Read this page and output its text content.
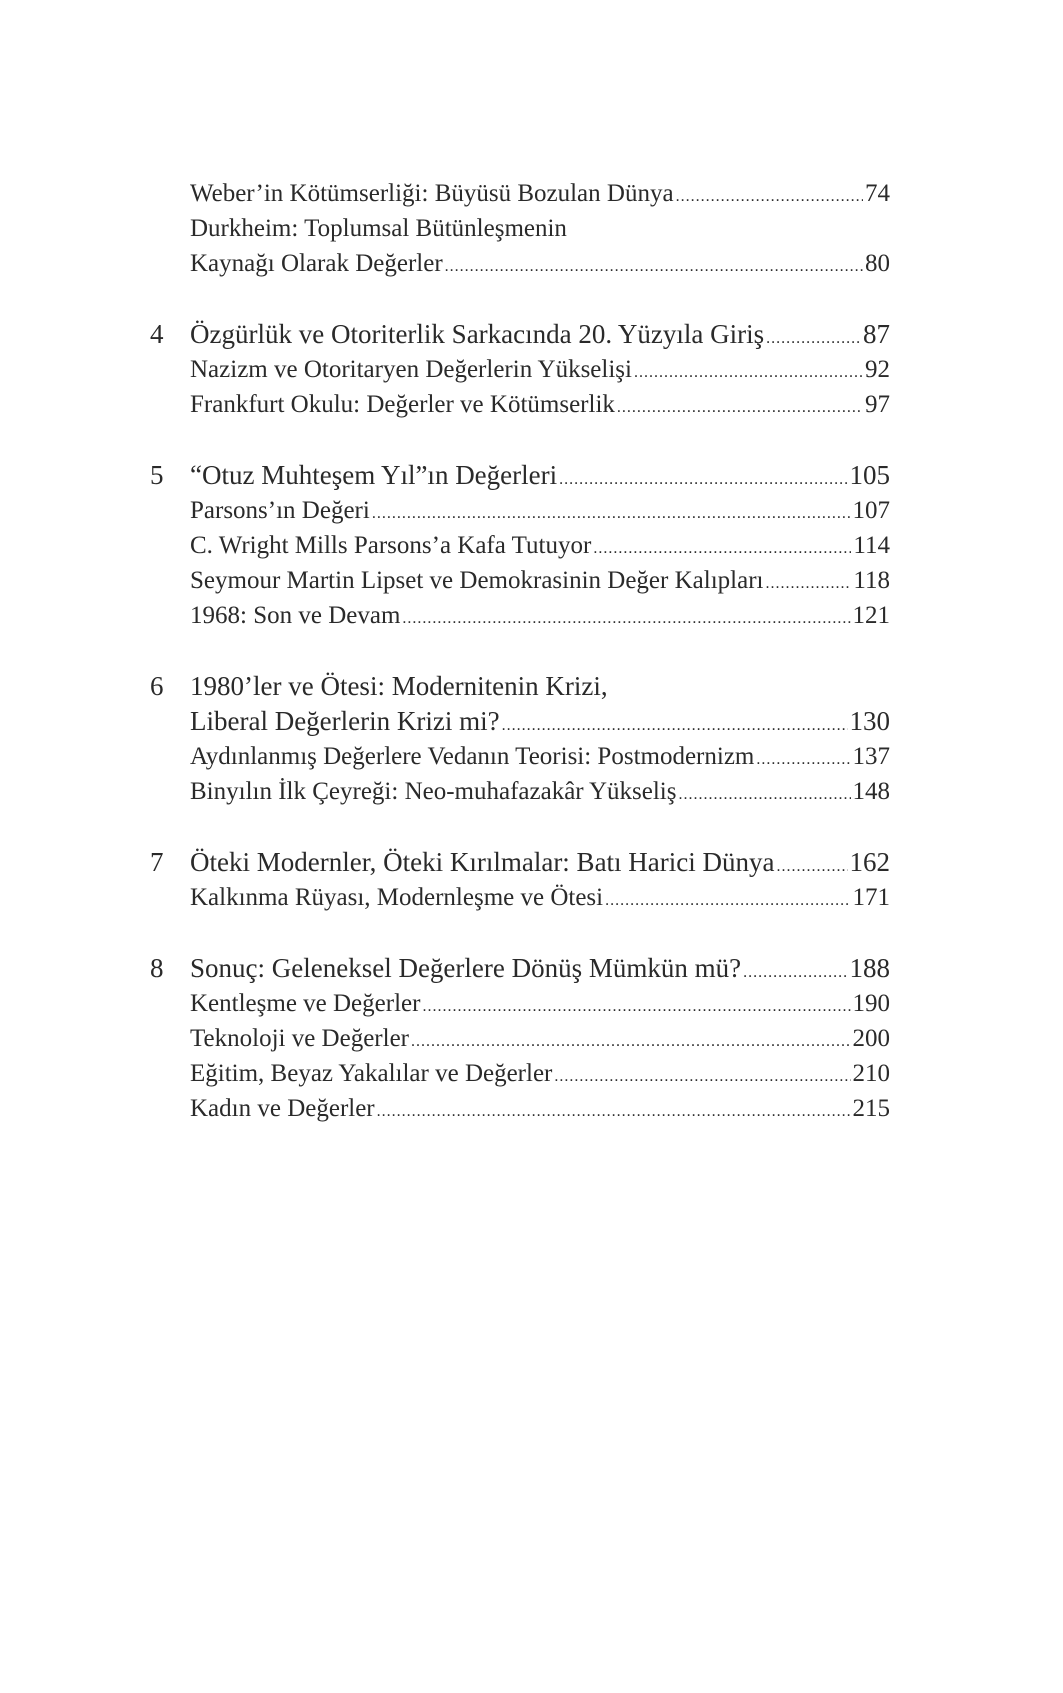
Weber’in Kötümserliği: Büyüsü Bozulan Dünya .....	74
Durkheim: Toplumsal Bütünleşmenin
Kaynağı Olarak Değerler .....	80
4 Özgürlük ve Otoriterlik Sarkacında 20. Yüzyıla Giriş .....	87
Nazizm ve Otoritaryen Değerlerin Yükselişi .....	92
Frankfurt Okulu: Değerler ve Kötümserlik .....	97
5 “Otuz Muhteşem Yıl”ın Değerleri .....	105
Parsons’ın Değeri .....	107
C. Wright Mills Parsons’a Kafa Tutuyor .....	114
Seymour Martin Lipset ve Demokrasinin Değer Kalıpları .....	118
1968: Son ve Devam .....	121
6 1980’ler ve Ötesi: Modernitenin Krizi,
Liberal Değerlerin Krizi mi? .....	130
Aydınlanmış Değerlere Vedanın Teorisi: Postmodernizm .....	137
Binyılın İlk Çeyreği: Neo-muhafazakâr Yükseliş .....	148
7 Öteki Modernler, Öteki Kırılmalar: Batı Harici Dünya .....	162
Kalkınma Rüyası, Modernleşme ve Ötesi .....	171
8 Sonuç: Geleneksel Değerlere Dönüş Mümkün mü? .....	188
Kentleşme ve Değerler .....	190
Teknoloji ve Değerler .....	200
Eğitim, Beyaz Yakalılar ve Değerler .....	210
Kadın ve Değerler .....	215
